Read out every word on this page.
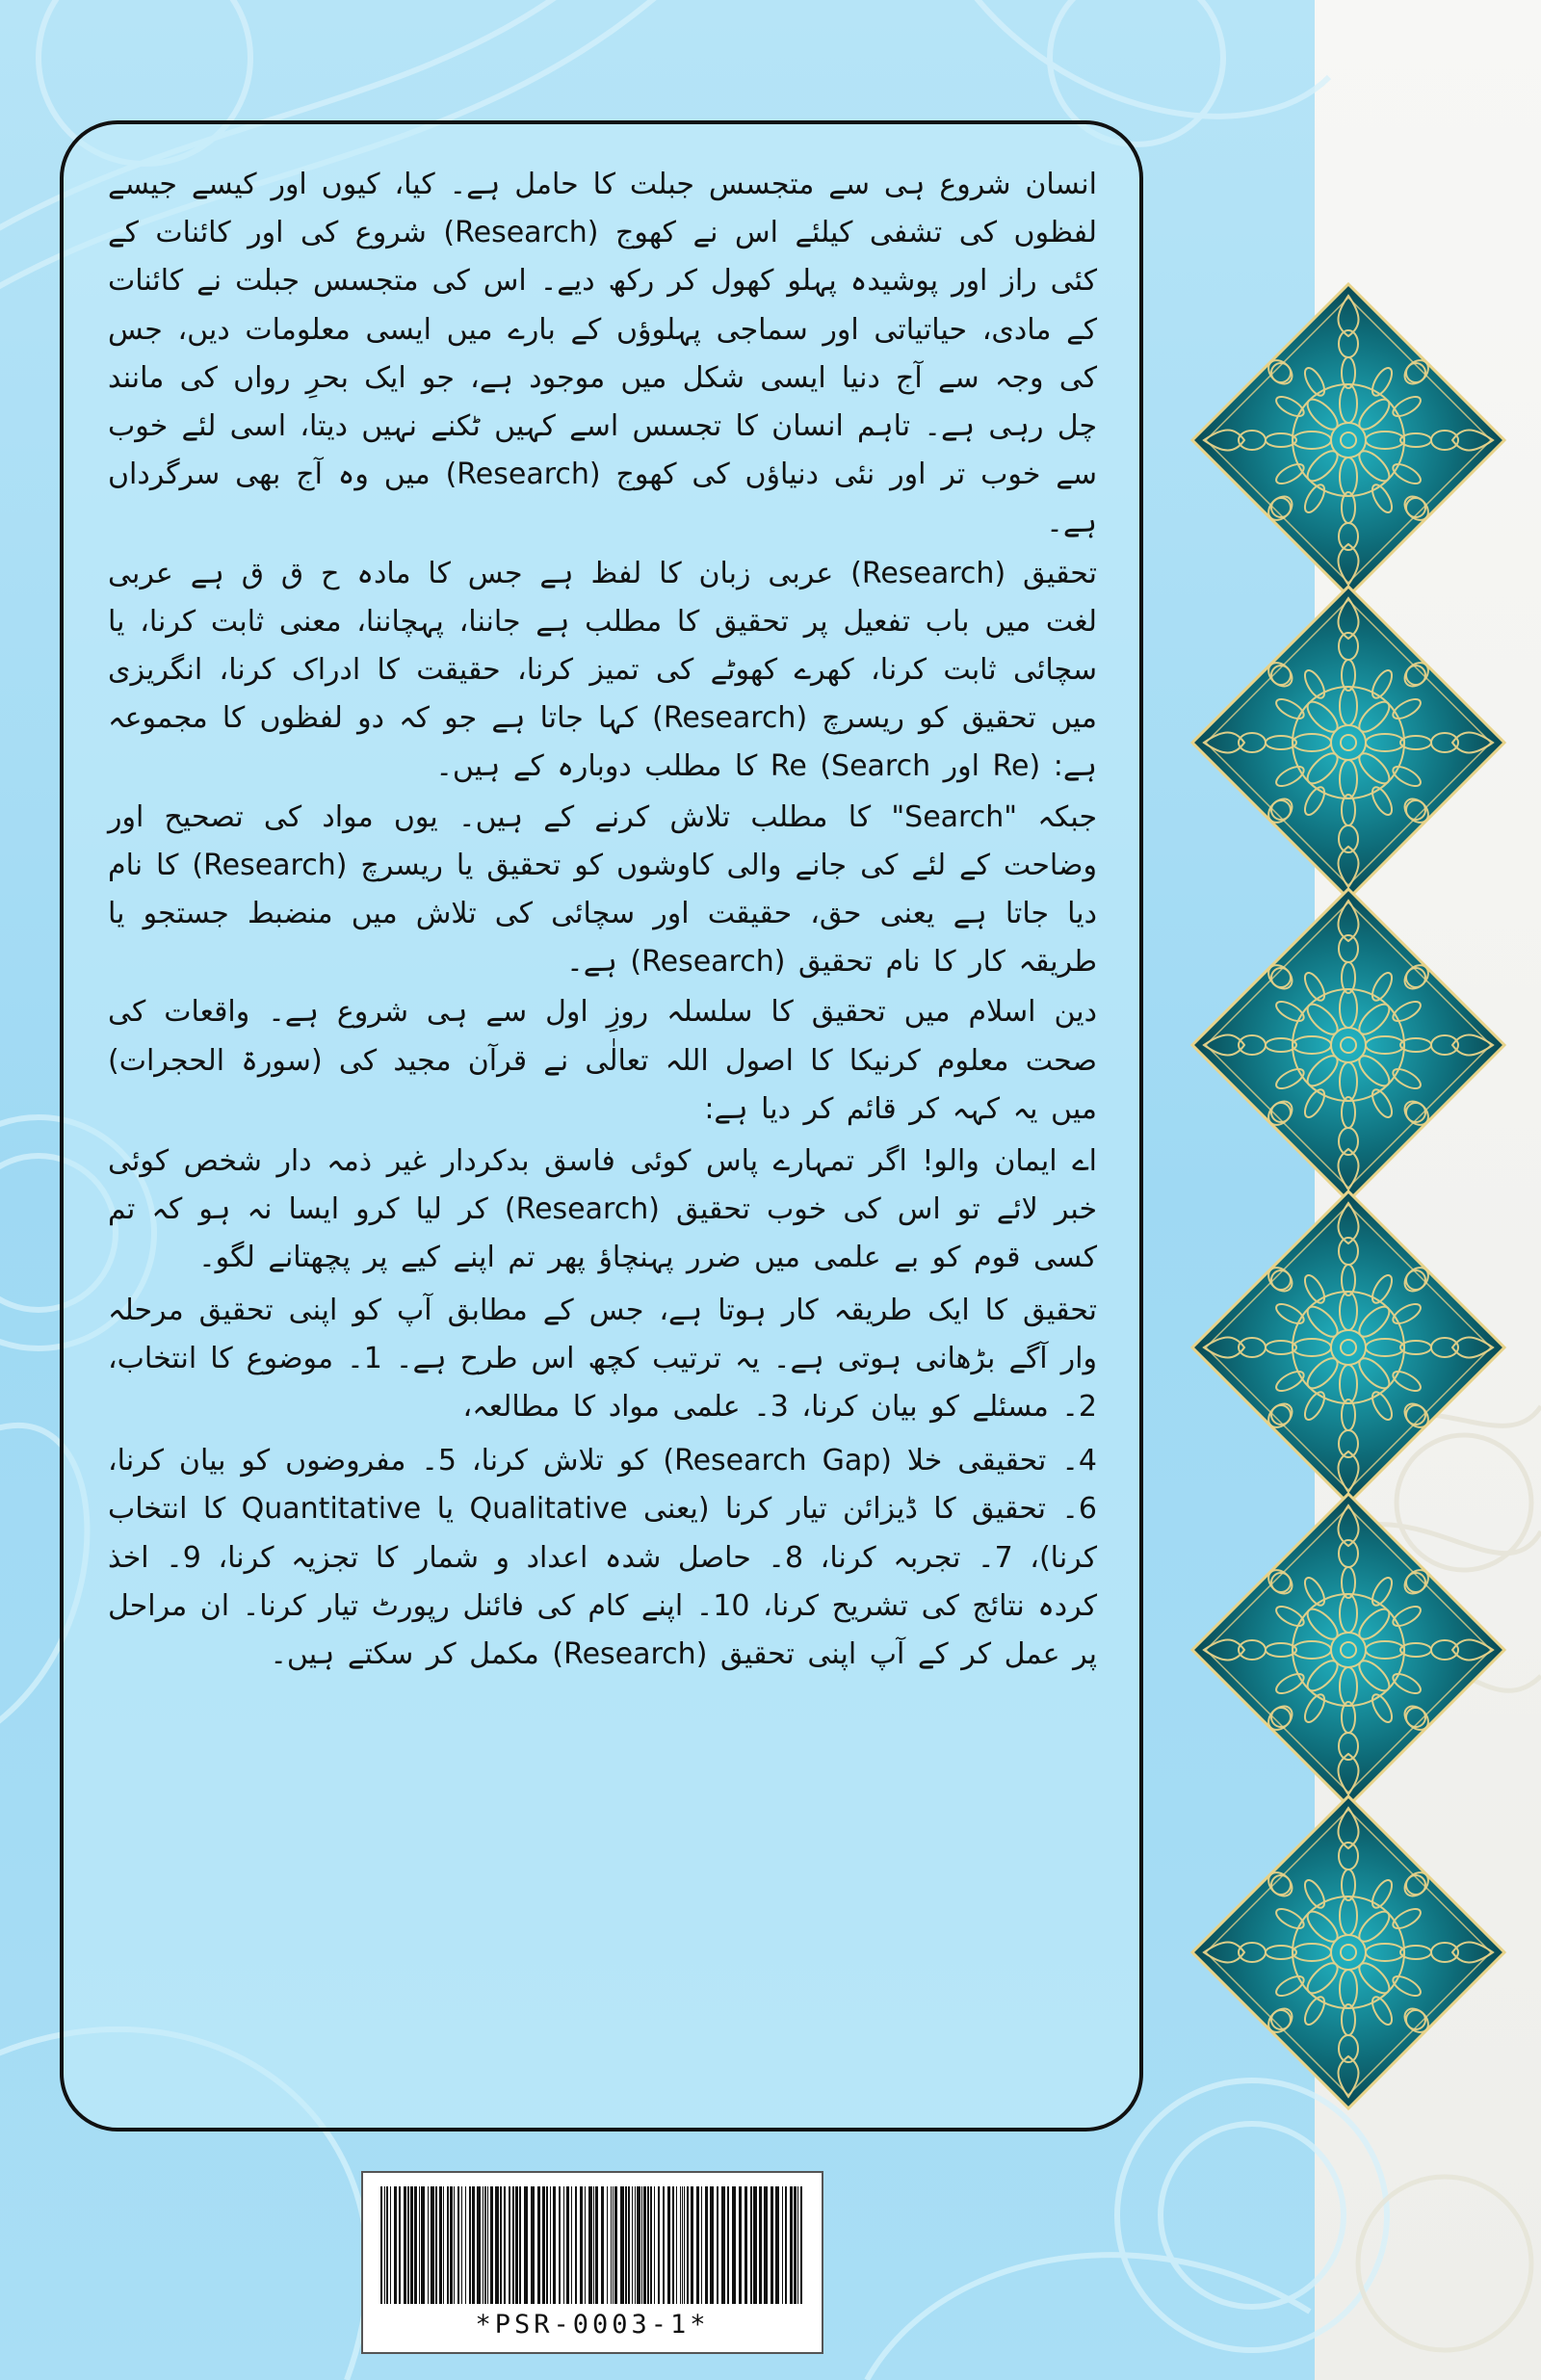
انسان شروع ہی سے متجسس جبلت کا حامل ہے۔ کیا، کیوں اور کیسے جیسے لفظوں کی تشفی کیلئے اس نے کھوج (Research) شروع کی اور کائنات کے کئی راز اور پوشیدہ پہلو کھول کر رکھ دیے۔ اس کی متجسس جبلت نے کائنات کے مادی، حیاتیاتی اور سماجی پہلوؤں کے بارے میں ایسی معلومات دیں، جس کی وجہ سے آج دنیا ایسی شکل میں موجود ہے، جو ایک بحرِ رواں کی مانند چل رہی ہے۔ تاہم انسان کا تجسس اسے کہیں ٹکنے نہیں دیتا، اسی لئے خوب سے خوب تر اور نئی دنیاؤں کی کھوج (Research) میں وہ آج بھی سرگرداں ہے۔

تحقیق (Research) عربی زبان کا لفظ ہے جس کا مادہ ح ق ق ہے عربی لغت میں باب تفعیل پر تحقیق کا مطلب ہے جاننا، پہچاننا، معنی ثابت کرنا، یا سچائی ثابت کرنا، کھرے کھوٹے کی تمیز کرنا، حقیقت کا ادراک کرنا، انگریزی میں تحقیق کو ریسرچ (Research) کہا جاتا ہے جو کہ دو لفظوں کا مجموعہ ہے: (Re اور Search) Re کا مطلب دوبارہ کے ہیں۔

جبکہ "Search" کا مطلب تلاش کرنے کے ہیں۔ یوں مواد کی تصحیح اور وضاحت کے لئے کی جانے والی کاوشوں کو تحقیق یا ریسرچ (Research) کا نام دیا جاتا ہے یعنی حق، حقیقت اور سچائی کی تلاش میں منضبط جستجو یا طریقہ کار کا نام تحقیق (Research) ہے۔

دین اسلام میں تحقیق کا سلسلہ روزِ اول سے ہی شروع ہے۔ واقعات کی صحت معلوم کرنیکا کا اصول اللہ تعالٰی نے قرآن مجید کی (سورۃ الحجرات) میں یہ کہہ کر قائم کر دیا ہے:

اے ایمان والو! اگر تمہارے پاس کوئی فاسق بدکردار غیر ذمہ دار شخص کوئی خبر لائے تو اس کی خوب تحقیق (Research) کر لیا کرو ایسا نہ ہو کہ تم کسی قوم کو بے علمی میں ضرر پہنچاؤ پھر تم اپنے کیے پر پچھتانے لگو۔

تحقیق کا ایک طریقہ کار ہوتا ہے، جس کے مطابق آپ کو اپنی تحقیق مرحلہ وار آگے بڑھانی ہوتی ہے۔ یہ ترتیب کچھ اس طرح ہے۔ 1۔ موضوع کا انتخاب، 2۔ مسئلے کو بیان کرنا، 3۔ علمی مواد کا مطالعہ،

4۔ تحقیقی خلا (Research Gap) کو تلاش کرنا، 5۔ مفروضوں کو بیان کرنا، 6۔ تحقیق کا ڈیزائن تیار کرنا (یعنی Qualitative یا Quantitative کا انتخاب کرنا)، 7۔ تجربہ کرنا، 8۔ حاصل شدہ اعداد و شمار کا تجزیہ کرنا، 9۔ اخذ کردہ نتائج کی تشریح کرنا، 10۔ اپنے کام کی فائنل رپورٹ تیار کرنا۔ ان مراحل پر عمل کر کے آپ اپنی تحقیق (Research) مکمل کر سکتے ہیں۔

*PSR-0003-1*
